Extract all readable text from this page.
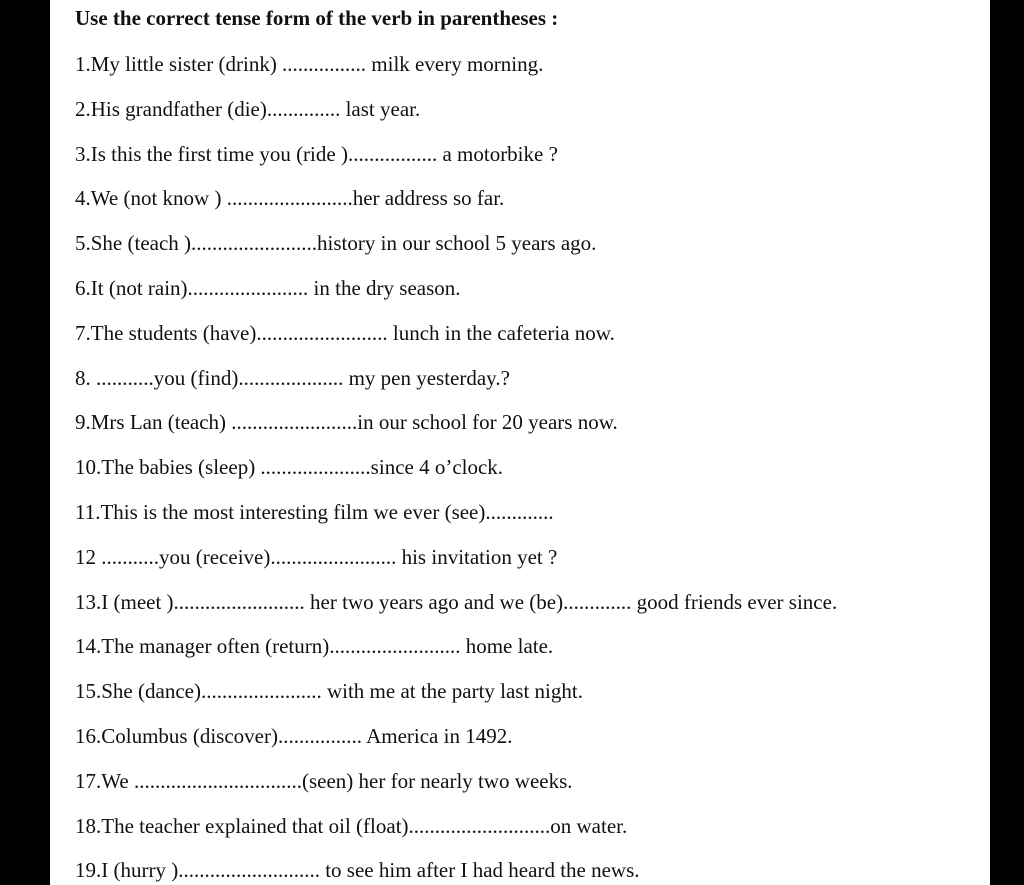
Use the correct tense form of the verb in parentheses :
1.My little sister (drink) ................ milk every morning.
2.His grandfather (die).............. last year.
3.Is this the first time you (ride )................. a motorbike ?
4.We (not know ) ........................her address so far.
5.She (teach )........................history in our school 5 years ago.
6.It (not rain)....................... in the dry season.
7.The students (have)......................... lunch in the cafeteria now.
8. ...........you (find).................... my pen yesterday.?
9.Mrs Lan (teach) ........................in our school for 20 years now.
10.The babies (sleep) .....................since 4 o’clock.
11.This is the most interesting film we ever (see).............
12 ...........you (receive)........................ his invitation yet ?
13.I (meet )......................... her two years ago and we (be)............. good friends ever since.
14.The manager often (return)......................... home late.
15.She (dance)....................... with me at the party last night.
16.Columbus (discover)................ America in 1492.
17.We ................................(seen) her for nearly two weeks.
18.The teacher explained that oil (float)...........................on water.
19.I (hurry )........................... to see him after I had heard the news.
